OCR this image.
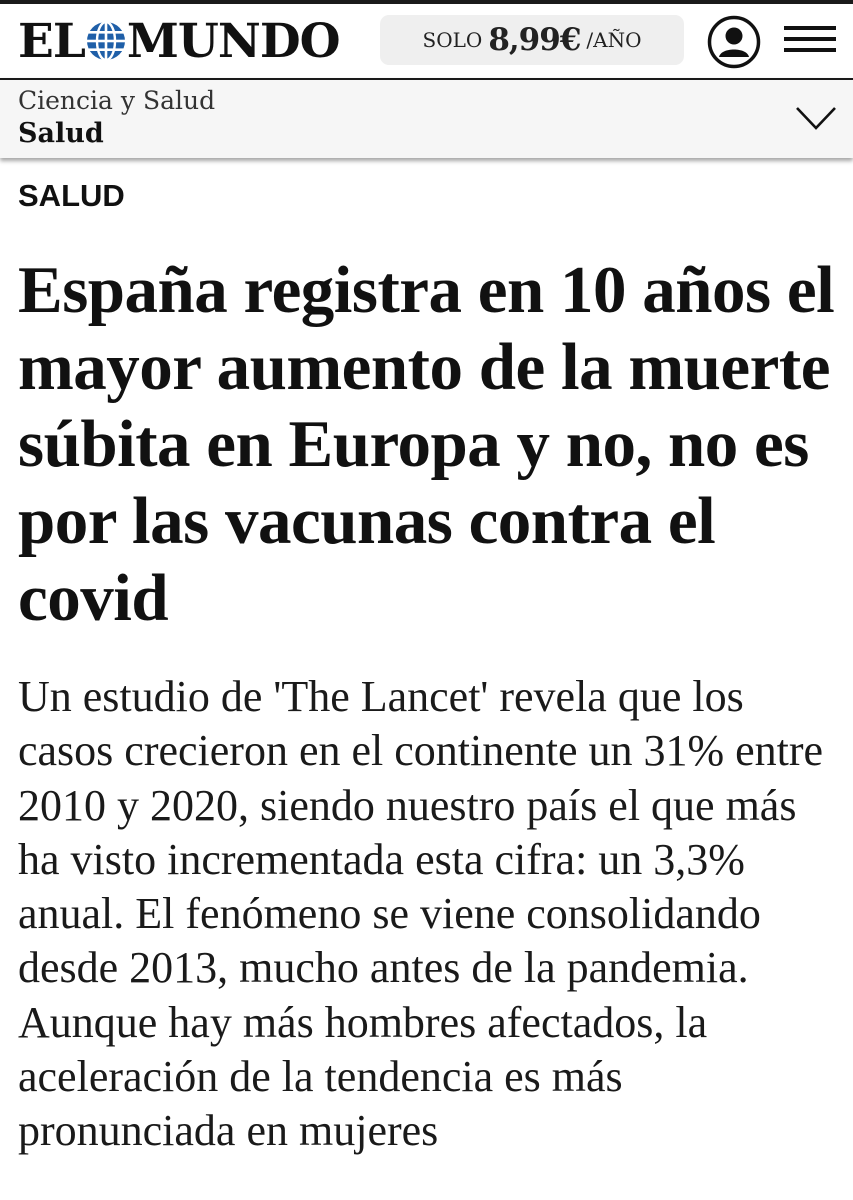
EL MUNDO	SOLO 8,99€ /AÑO
Ciencia y Salud
Salud
SALUD
España registra en 10 años el mayor aumento de la muerte súbita en Europa y no, no es por las vacunas contra el covid

Un estudio de 'The Lancet' revela que los casos crecieron en el continente un 31% entre 2010 y 2020, siendo nuestro país el que más ha visto incrementada esta cifra: un 3,3% anual. El fenómeno se viene consolidando desde 2013, mucho antes de la pandemia. Aunque hay más hombres afectados, la aceleración de la tendencia es más pronunciada en mujeres
